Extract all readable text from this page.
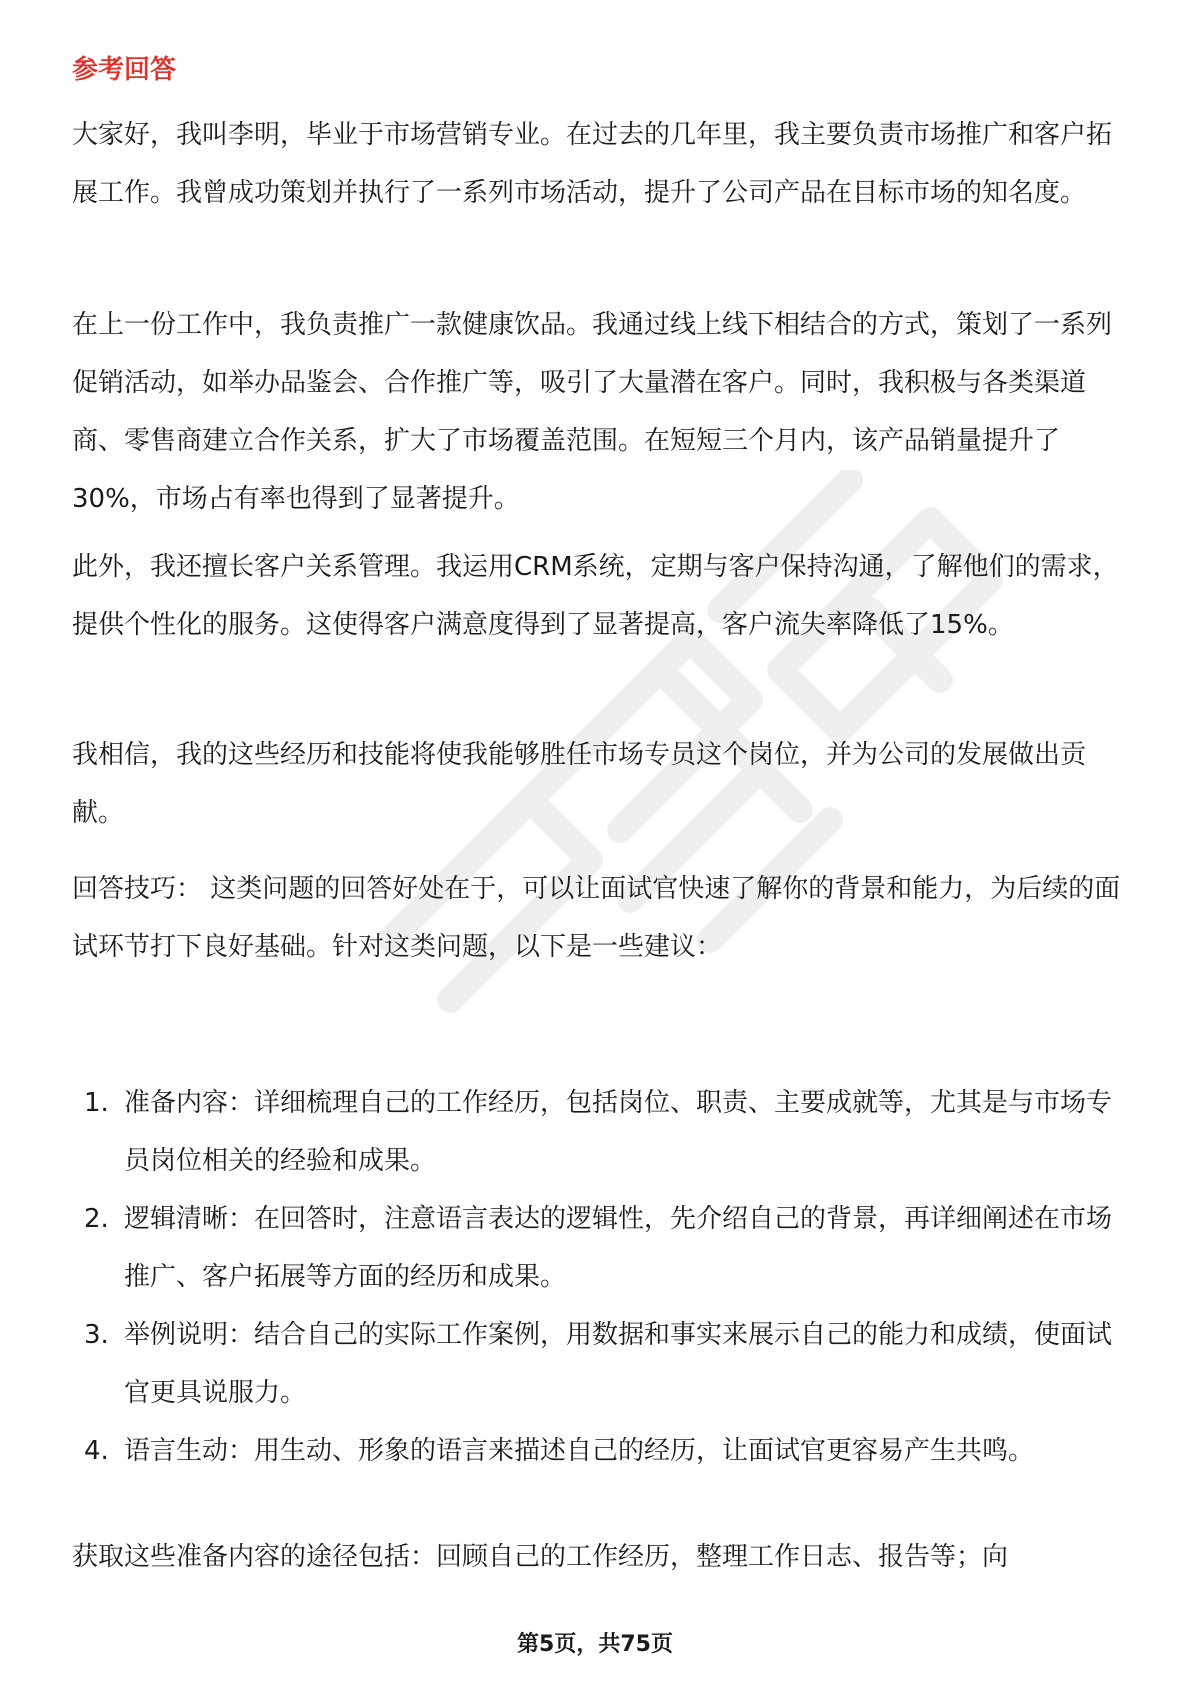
参考回答

大家好，我叫李明，毕业于市场营销专业。在过去的几年里，我主要负责市场推广和客户拓展工作。我曾成功策划并执行了一系列市场活动，提升了公司产品在目标市场的知名度。

在上一份工作中，我负责推广一款健康饮品。我通过线上线下相结合的方式，策划了一系列促销活动，如举办品鉴会、合作推广等，吸引了大量潜在客户。同时，我积极与各类渠道商、零售商建立合作关系，扩大了市场覆盖范围。在短短三个月内，该产品销量提升了30%，市场占有率也得到了显著提升。

此外，我还擅长客户关系管理。我运用CRM系统，定期与客户保持沟通，了解他们的需求，提供个性化的服务。这使得客户满意度得到了显著提高，客户流失率降低了15%。

我相信，我的这些经历和技能将使我能够胜任市场专员这个岗位，并为公司的发展做出贡献。

回答技巧： 这类问题的回答好处在于，可以让面试官快速了解你的背景和能力，为后续的面试环节打下良好基础。针对这类问题，以下是一些建议：

1. 准备内容：详细梳理自己的工作经历，包括岗位、职责、主要成就等，尤其是与市场专员岗位相关的经验和成果。
2. 逻辑清晰：在回答时，注意语言表达的逻辑性，先介绍自己的背景，再详细阐述在市场推广、客户拓展等方面的经历和成果。
3. 举例说明：结合自己的实际工作案例，用数据和事实来展示自己的能力和成绩，使面试官更具说服力。
4. 语言生动：用生动、形象的语言来描述自己的经历，让面试官更容易产生共鸣。

获取这些准备内容的途径包括：回顾自己的工作经历，整理工作日志、报告等；向

第5页，共75页
